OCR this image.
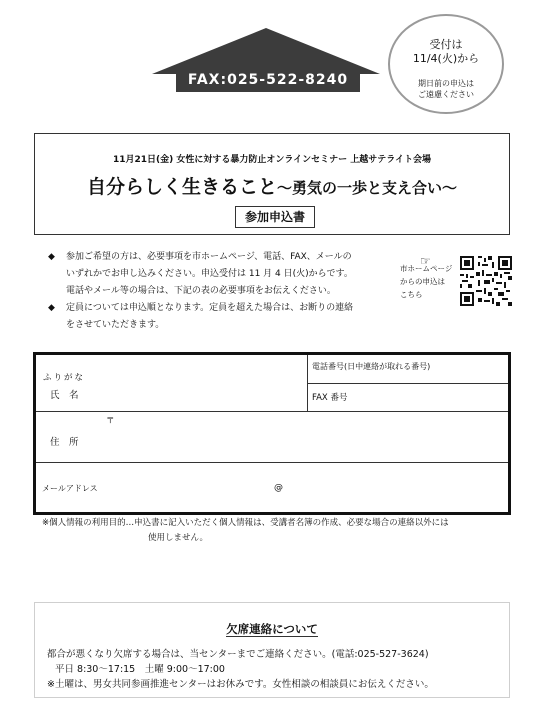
FAX:025-522-8240
受付は
11/4(火)から
期日前の申込は
ご遠慮ください
11月21日(金) 女性に対する暴力防止オンラインセミナー 上越サテライト会場
自分らしく生きること～勇気の一歩と支え合い～
参加申込書
◆ 参加ご希望の方は、必要事項を市ホームページ、電話、FAX、メールの
いずれかでお申し込みください。申込受付は 11 月 4 日(火)からです。
電話やメール等の場合は、下記の表の必要事項をお伝えください。
◆ 定員については申込順となります。定員を超えた場合は、お断りの連絡
をさせていただきます。
☞
市ホームページ
からの申込は
こちら
ふりがな
氏　名
電話番号(日中連絡が取れる番号)
FAX 番号
〒
住　所
メールアドレス	@
※個人情報の利用目的…申込書に記入いただく個人情報は、受講者名簿の作成、必要な場合の連絡以外には
使用しません。
欠席連絡について
都合が悪くなり欠席する場合は、当センターまでご連絡ください。(電話:025-527-3624)
平日 8:30～17:15　土曜 9:00～17:00
※土曜は、男女共同参画推進センターはお休みです。女性相談の相談員にお伝えください。
